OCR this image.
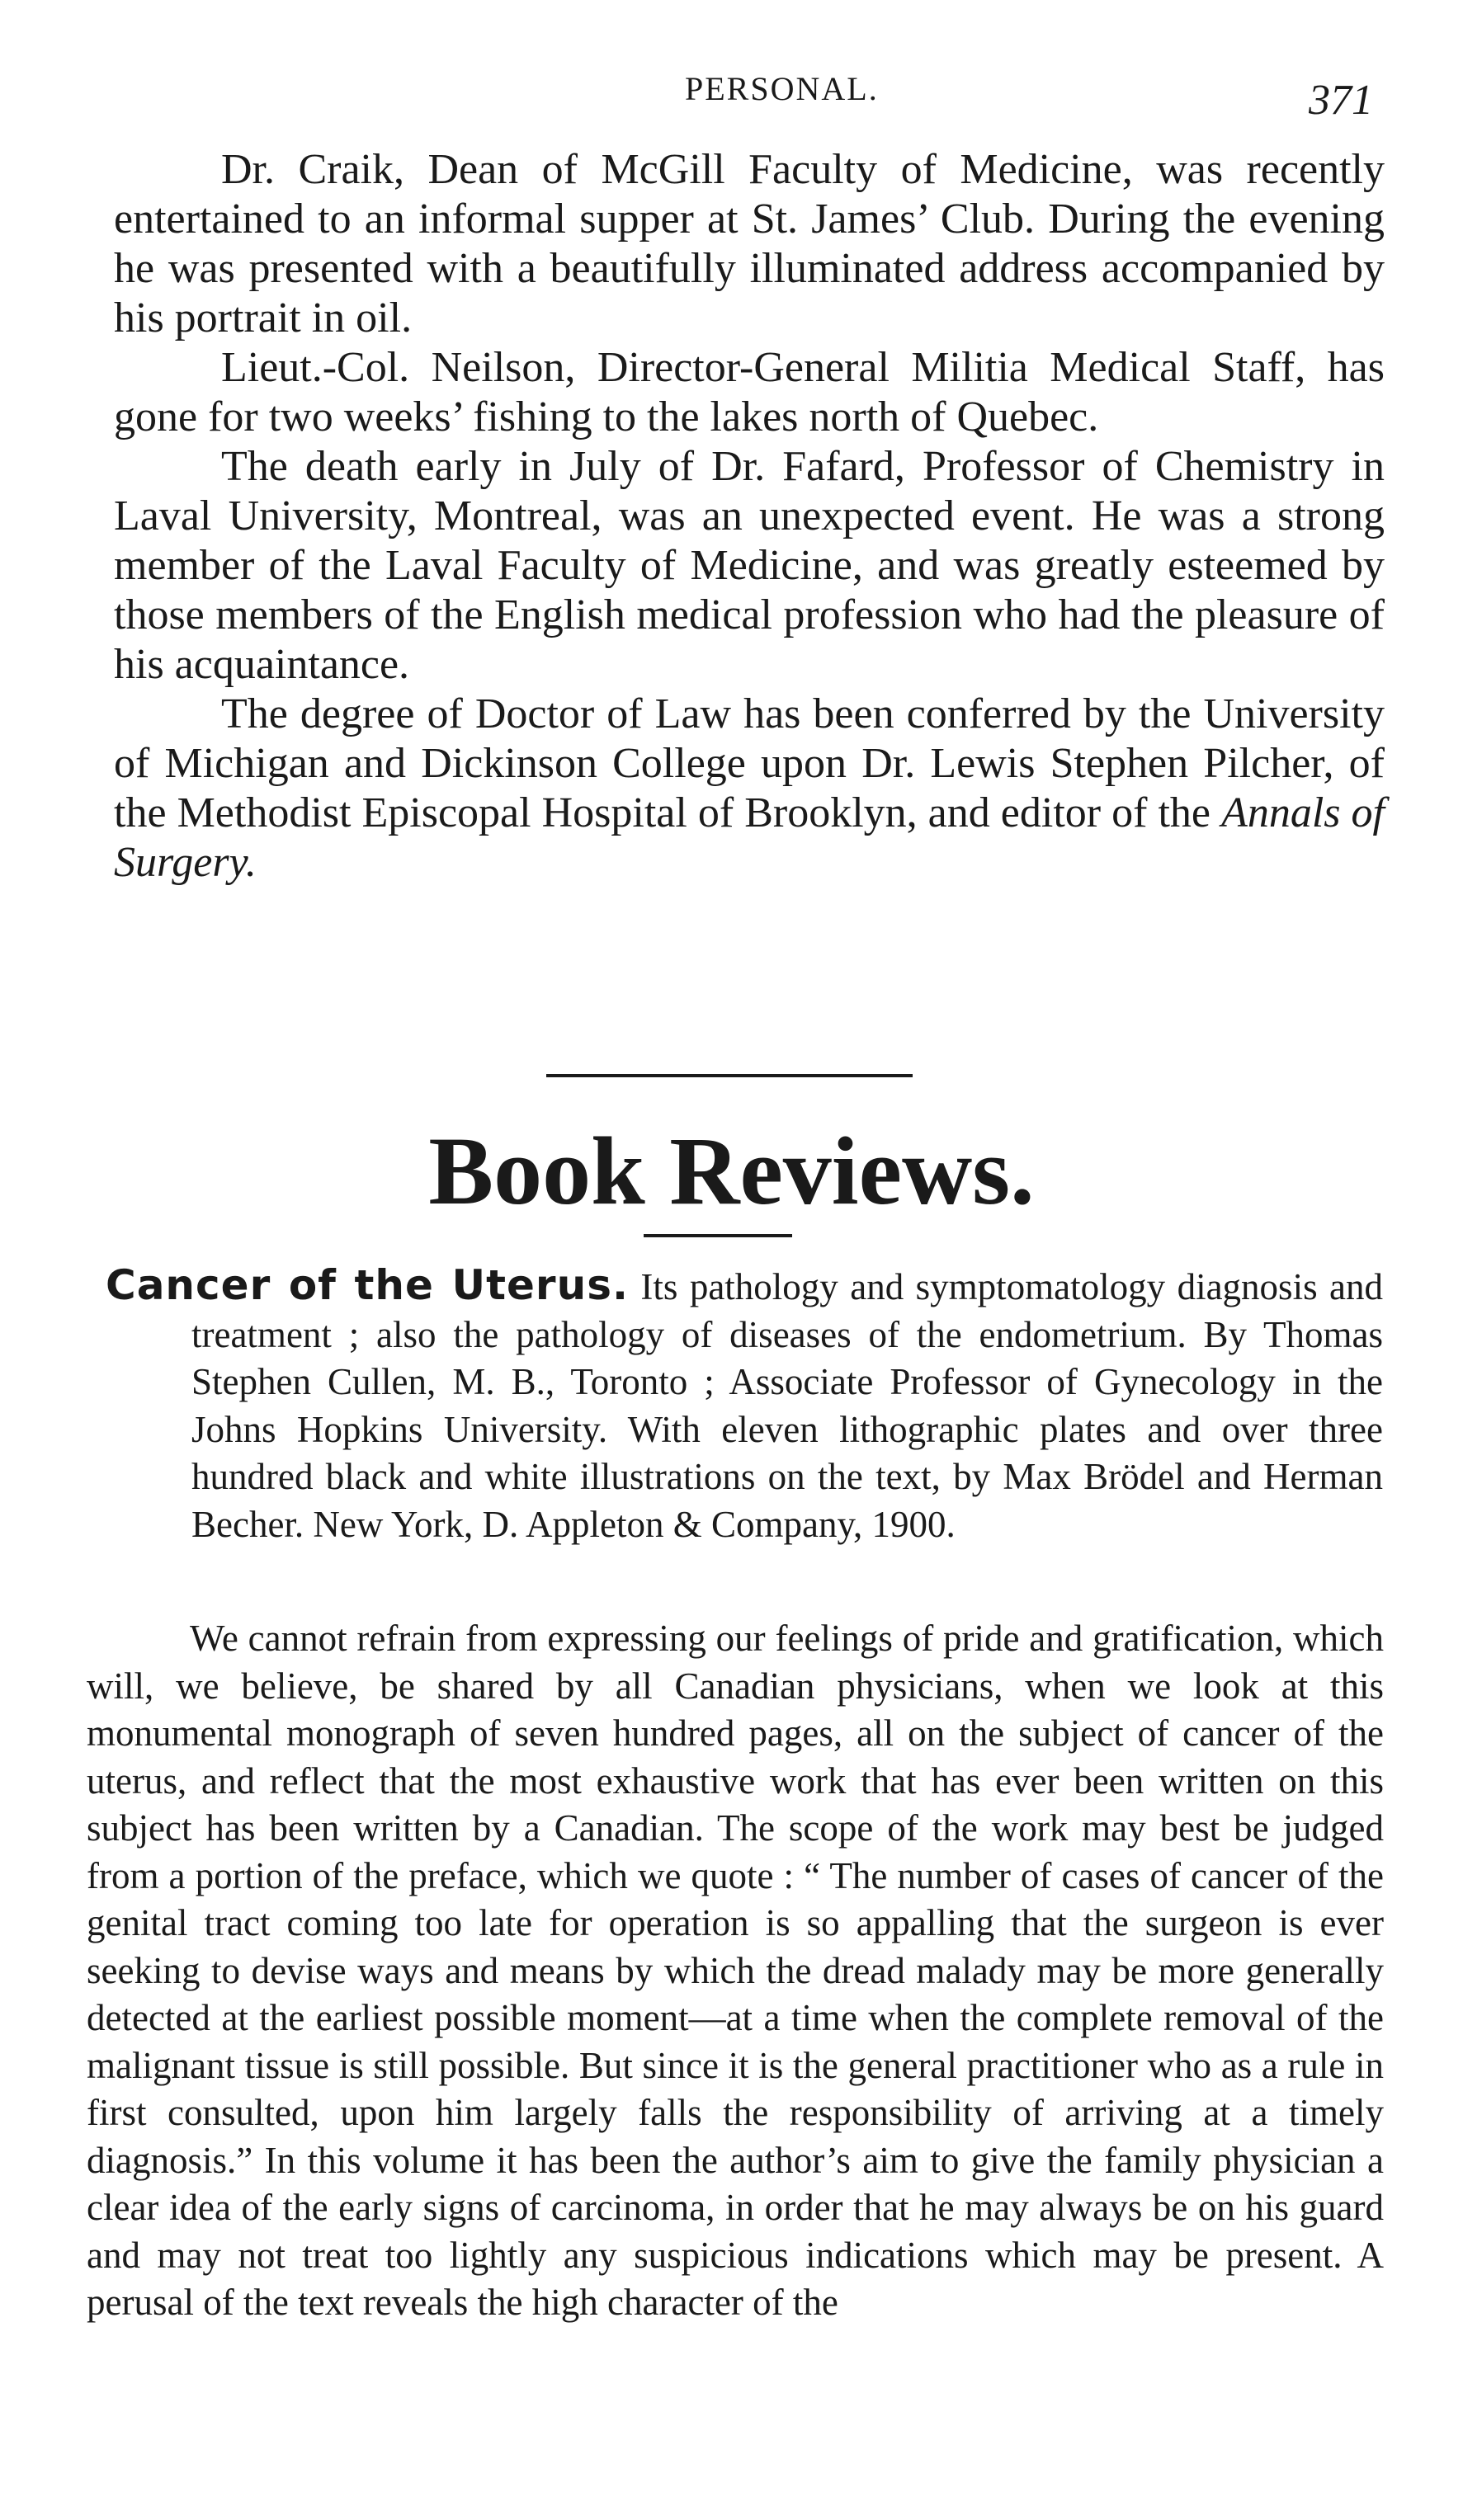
PERSONAL.	371

Dr. Craik, Dean of McGill Faculty of Medicine, was recently entertained to an informal supper at St. James’ Club. During the evening he was presented with a beautifully illuminated address accompanied by his portrait in oil.

Lieut.-Col. Neilson, Director-General Militia Medical Staff, has gone for two weeks’ fishing to the lakes north of Quebec.

The death early in July of Dr. Fafard, Professor of Chemistry in Laval University, Montreal, was an unexpected event. He was a strong member of the Laval Faculty of Medicine, and was greatly esteemed by those members of the English medical profession who had the pleasure of his acquaintance.

The degree of Doctor of Law has been conferred by the University of Michigan and Dickinson College upon Dr. Lewis Stephen Pilcher, of the Methodist Episcopal Hospital of Brooklyn, and editor of the Annals of Surgery.

Book Reviews.
Cancer of the Uterus. Its pathology and symptomatology diagnosis and treatment ; also the pathology of diseases of the endometrium. By Thomas Stephen Cullen, M. B., Toronto ; Associate Professor of Gynecology in the Johns Hopkins University. With eleven lithographic plates and over three hundred black and white illustrations on the text, by Max Brödel and Herman Becher. New York, D. Appleton & Company, 1900.

We cannot refrain from expressing our feelings of pride and gratification, which will, we believe, be shared by all Canadian physicians, when we look at this monumental monograph of seven hundred pages, all on the subject of cancer of the uterus, and reflect that the most exhaustive work that has ever been written on this subject has been written by a Canadian. The scope of the work may best be judged from a portion of the preface, which we quote : “ The number of cases of cancer of the genital tract coming too late for operation is so appalling that the surgeon is ever seeking to devise ways and means by which the dread malady may be more generally detected at the earliest possible moment—at a time when the complete removal of the malignant tissue is still possible. But since it is the general practitioner who as a rule in first consulted, upon him largely falls the responsibility of arriving at a timely diagnosis.” In this volume it has been the author’s aim to give the family physician a clear idea of the early signs of carcinoma, in order that he may always be on his guard and may not treat too lightly any suspicious indications which may be present. A perusal of the text reveals the high character of the
